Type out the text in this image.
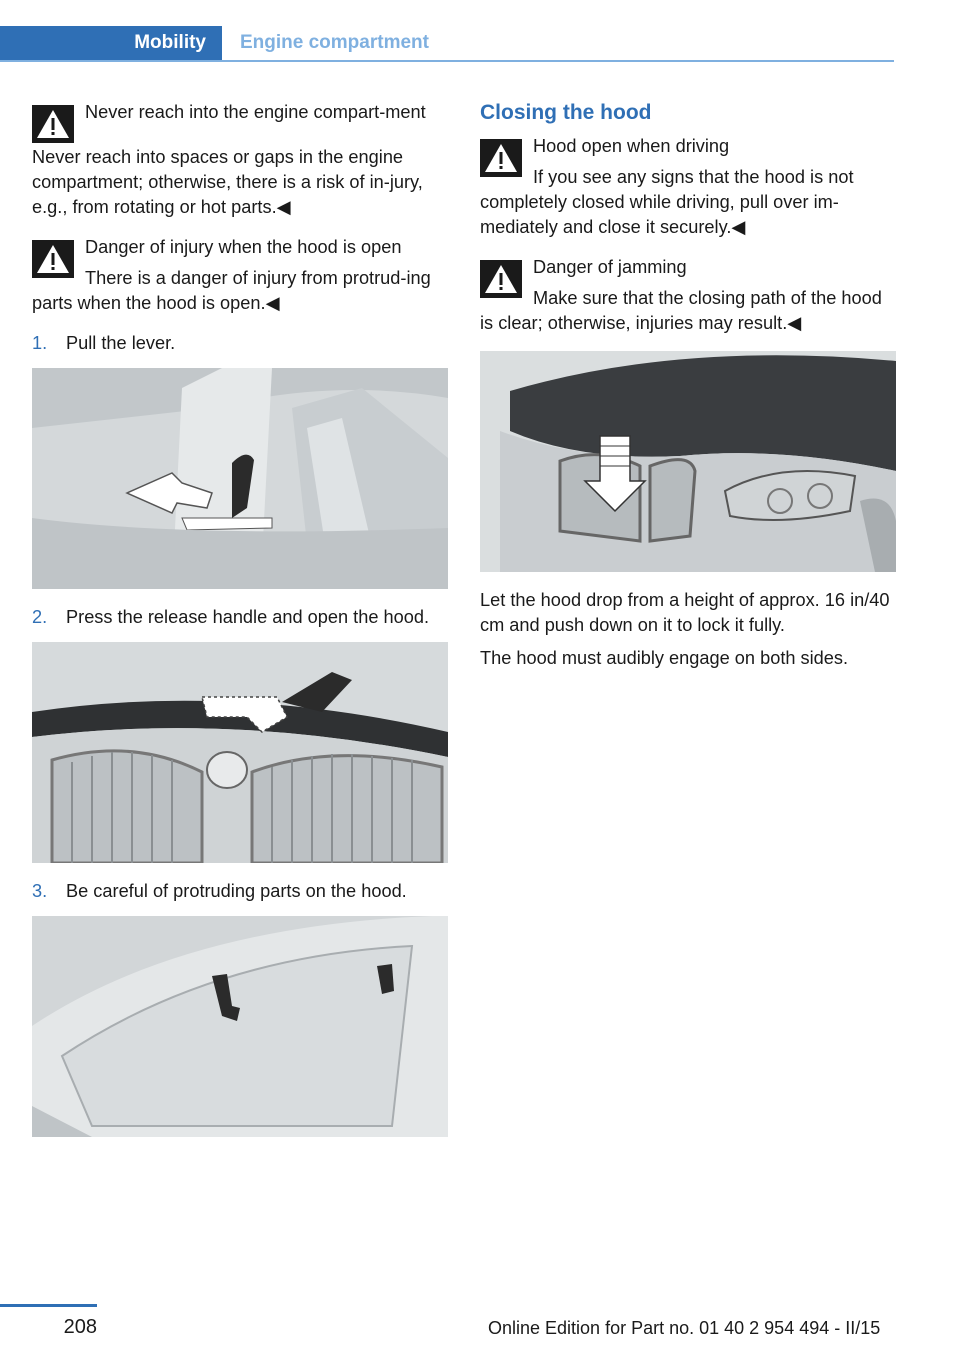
Mobility	Engine compartment
Never reach into the engine compart‐ment
Never reach into spaces or gaps in the engine compartment; otherwise, there is a risk of in‐jury, e.g., from rotating or hot parts.◀
Danger of injury when the hood is open
There is a danger of injury from protrud‐ing parts when the hood is open.◀
1.	Pull the lever.
2.	Press the release handle and open the hood.
3.	Be careful of protruding parts on the hood.
Closing the hood
Hood open when driving
If you see any signs that the hood is not completely closed while driving, pull over im‐mediately and close it securely.◀
Danger of jamming
Make sure that the closing path of the hood is clear; otherwise, injuries may result.◀
Let the hood drop from a height of approx. 16 in/40 cm and push down on it to lock it fully.
The hood must audibly engage on both sides.
208	Online Edition for Part no. 01 40 2 954 494 - II/15
